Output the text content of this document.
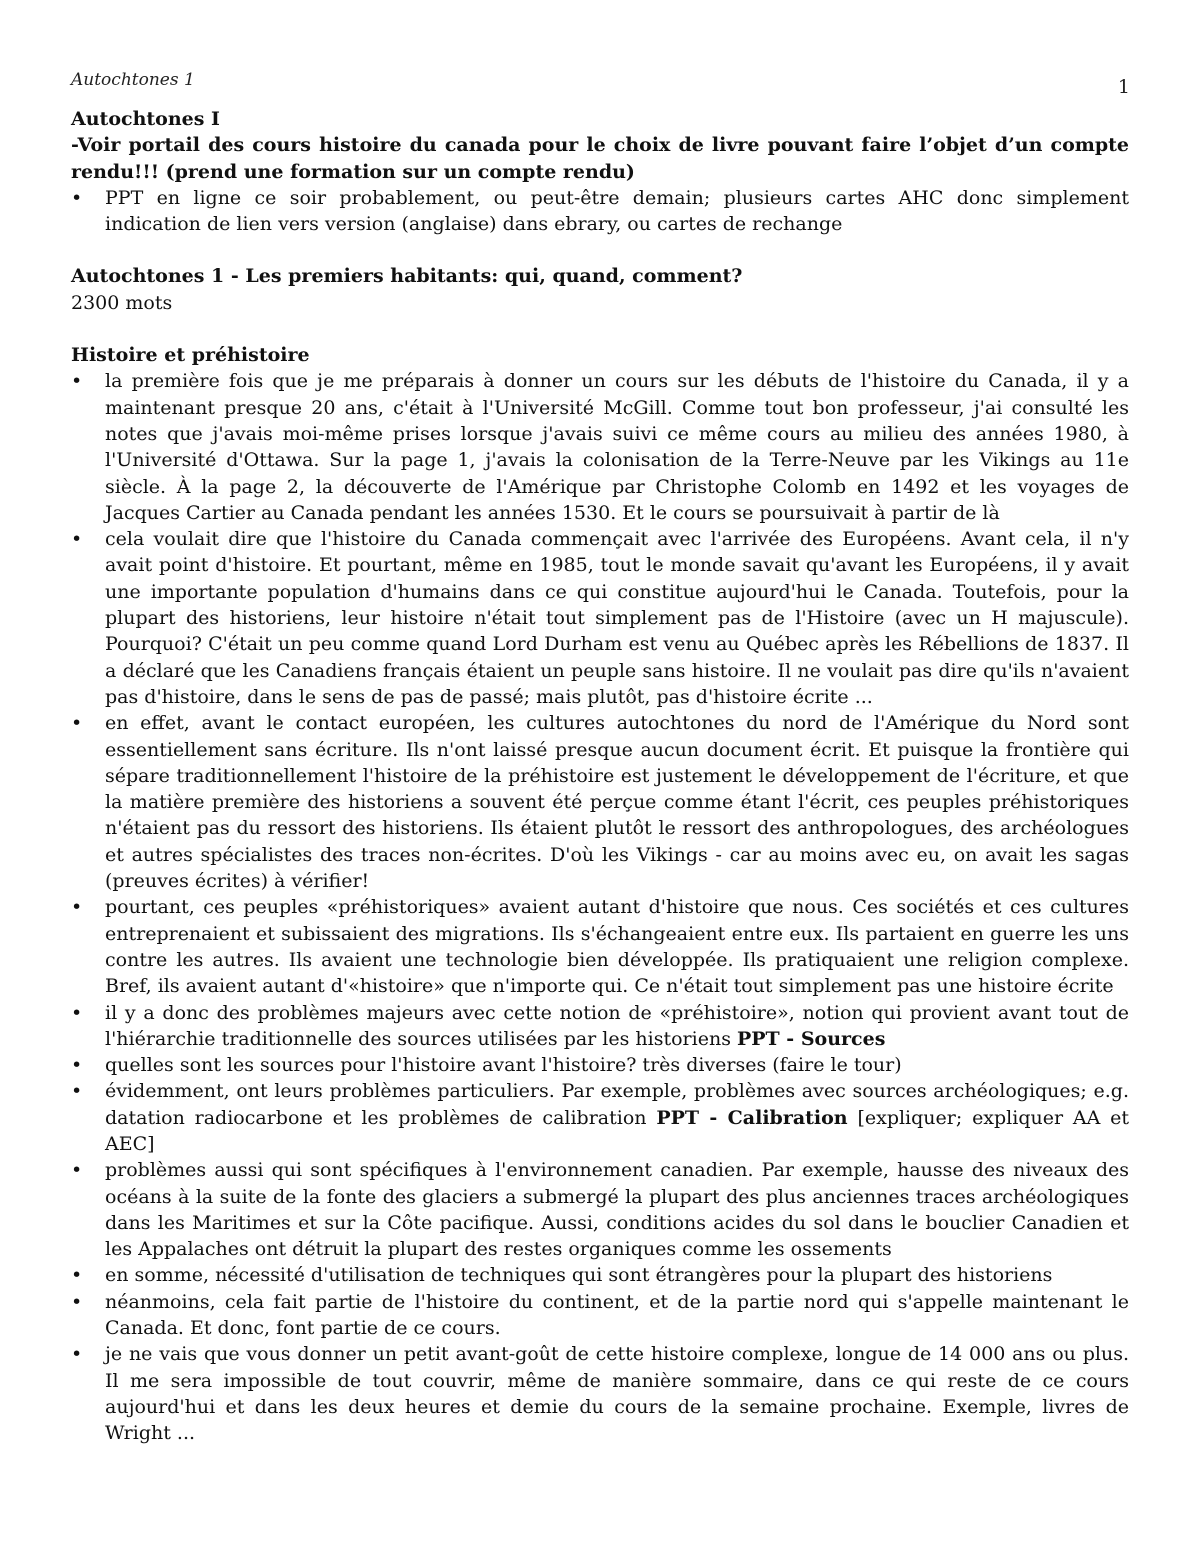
Autochtones 1	1

Autochtones I

-Voir portail des cours histoire du canada pour le choix de livre pouvant faire l’objet d’un compte rendu!!! (prend une formation sur un compte rendu)

• PPT en ligne ce soir probablement, ou peut-être demain; plusieurs cartes AHC donc simplement indication de lien vers version (anglaise) dans ebrary, ou cartes de rechange

Autochtones 1 - Les premiers habitants: qui, quand, comment?

2300 mots

Histoire et préhistoire

• la première fois que je me préparais à donner un cours sur les débuts de l'histoire du Canada, il y a maintenant presque 20 ans, c'était à l'Université McGill. Comme tout bon professeur, j'ai consulté les notes que j'avais moi-même prises lorsque j'avais suivi ce même cours au milieu des années 1980, à l'Université d'Ottawa. Sur la page 1, j'avais la colonisation de la Terre-Neuve par les Vikings au 11e siècle. À la page 2, la découverte de l'Amérique par Christophe Colomb en 1492 et les voyages de Jacques Cartier au Canada pendant les années 1530. Et le cours se poursuivait à partir de là
• cela voulait dire que l'histoire du Canada commençait avec l'arrivée des Européens. Avant cela, il n'y avait point d'histoire. Et pourtant, même en 1985, tout le monde savait qu'avant les Européens, il y avait une importante population d'humains dans ce qui constitue aujourd'hui le Canada. Toutefois, pour la plupart des historiens, leur histoire n'était tout simplement pas de l'Histoire (avec un H majuscule). Pourquoi? C'était un peu comme quand Lord Durham est venu au Québec après les Rébellions de 1837. Il a déclaré que les Canadiens français étaient un peuple sans histoire. Il ne voulait pas dire qu'ils n'avaient pas d'histoire, dans le sens de pas de passé; mais plutôt, pas d'histoire écrite ...
• en effet, avant le contact européen, les cultures autochtones du nord de l'Amérique du Nord sont essentiellement sans écriture. Ils n'ont laissé presque aucun document écrit. Et puisque la frontière qui sépare traditionnellement l'histoire de la préhistoire est justement le développement de l'écriture, et que la matière première des historiens a souvent été perçue comme étant l'écrit, ces peuples préhistoriques n'étaient pas du ressort des historiens. Ils étaient plutôt le ressort des anthropologues, des archéologues et autres spécialistes des traces non-écrites. D'où les Vikings - car au moins avec eu, on avait les sagas (preuves écrites) à vérifier!
• pourtant, ces peuples «préhistoriques» avaient autant d'histoire que nous. Ces sociétés et ces cultures entreprenaient et subissaient des migrations. Ils s'échangeaient entre eux. Ils partaient en guerre les uns contre les autres. Ils avaient une technologie bien développée. Ils pratiquaient une religion complexe. Bref, ils avaient autant d'«histoire» que n'importe qui. Ce n'était tout simplement pas une histoire écrite
• il y a donc des problèmes majeurs avec cette notion de «préhistoire», notion qui provient avant tout de l'hiérarchie traditionnelle des sources utilisées par les historiens PPT - Sources
• quelles sont les sources pour l'histoire avant l'histoire? très diverses (faire le tour)
• évidemment, ont leurs problèmes particuliers. Par exemple, problèmes avec sources archéologiques; e.g. datation radiocarbone et les problèmes de calibration PPT - Calibration [expliquer; expliquer AA et AEC]
• problèmes aussi qui sont spécifiques à l'environnement canadien. Par exemple, hausse des niveaux des océans à la suite de la fonte des glaciers a submergé la plupart des plus anciennes traces archéologiques dans les Maritimes et sur la Côte pacifique. Aussi, conditions acides du sol dans le bouclier Canadien et les Appalaches ont détruit la plupart des restes organiques comme les ossements
• en somme, nécessité d'utilisation de techniques qui sont étrangères pour la plupart des historiens
• néanmoins, cela fait partie de l'histoire du continent, et de la partie nord qui s'appelle maintenant le Canada. Et donc, font partie de ce cours.
• je ne vais que vous donner un petit avant-goût de cette histoire complexe, longue de 14 000 ans ou plus. Il me sera impossible de tout couvrir, même de manière sommaire, dans ce qui reste de ce cours aujourd'hui et dans les deux heures et demie du cours de la semaine prochaine. Exemple, livres de Wright ...
